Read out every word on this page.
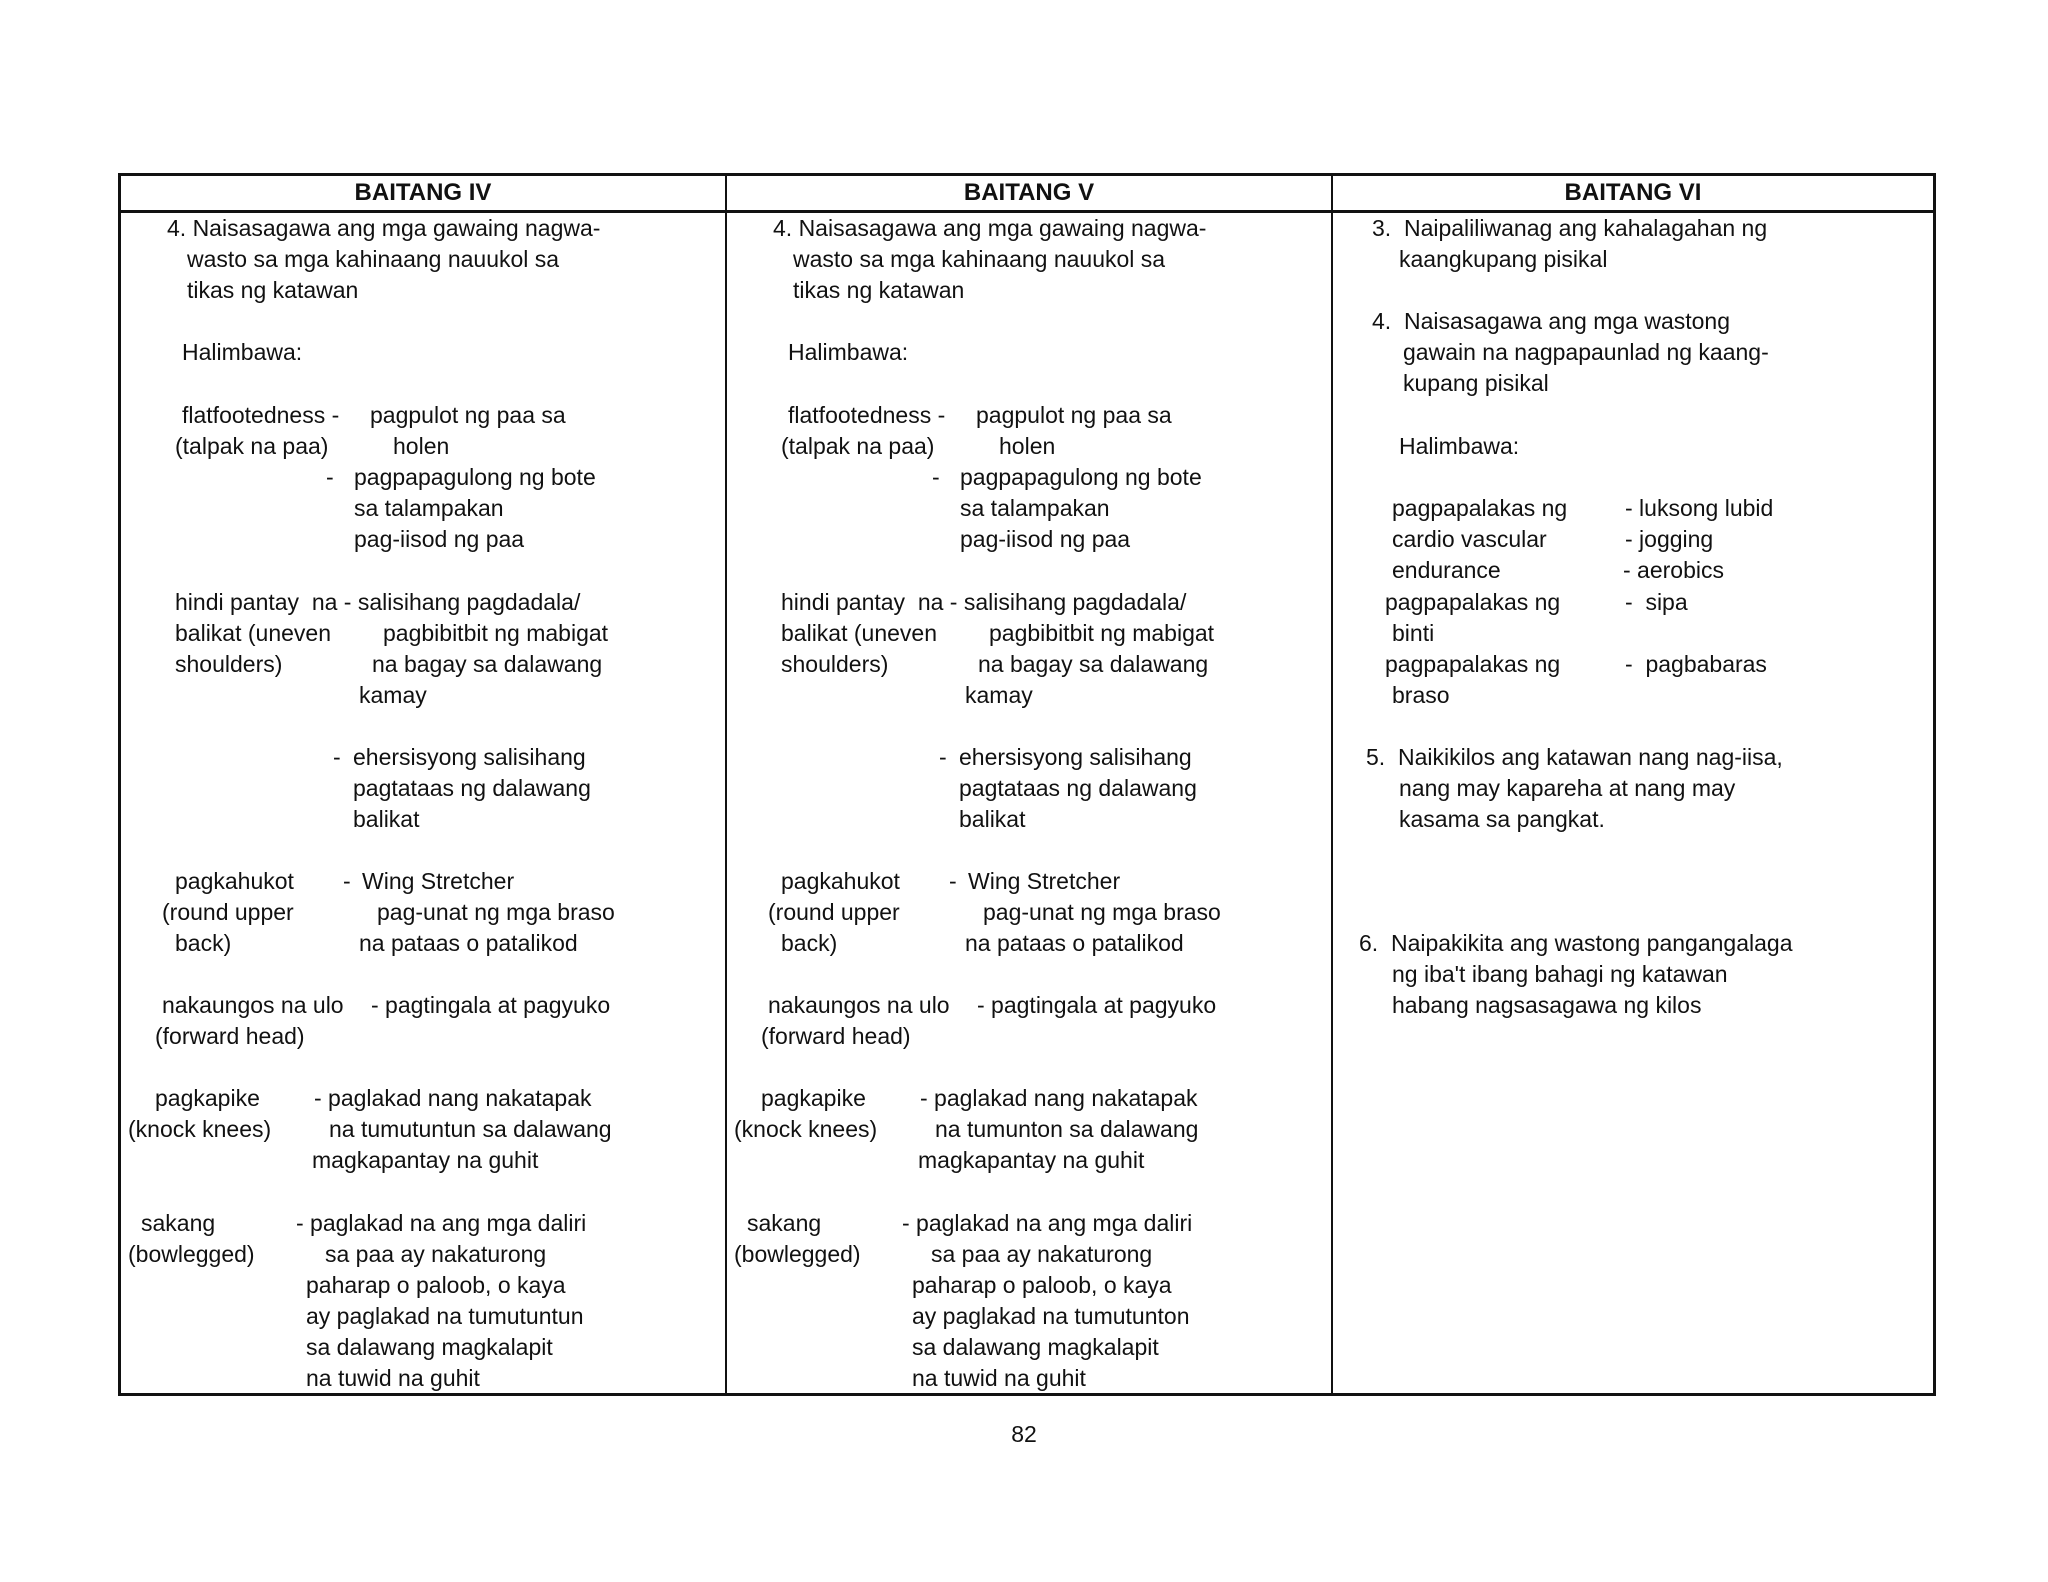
BAITANG IV	BAITANG V	BAITANG VI
4. Naisasagawa ang mga gawaing nagwa-
wasto sa mga kahinaang nauukol sa
tikas ng katawan
Halimbawa:
flatfootedness -
(talpak na paa)
pagpulot ng paa sa
holen
- pagpapagulong ng bote
sa talampakan
pag-iisod ng paa
hindi pantay  na - salisihang pagdadala/
balikat (uneven
shoulders)
pagbibitbit ng mabigat
na bagay sa dalawang
kamay
- ehersisyong salisihang
pagtataas ng dalawang
balikat
pagkahukot
(round upper
back)
- Wing Stretcher
pag-unat ng mga braso
na pataas o patalikod
nakaungos na ulo
(forward head)
- pagtingala at pagyuko
pagkapike
(knock knees)
- paglakad nang nakatapak
na tumutuntun sa dalawang
magkapantay na guhit
sakang
(bowlegged)
- paglakad na ang mga daliri
sa paa ay nakaturong
paharap o paloob, o kaya
ay paglakad na tumutuntun
sa dalawang magkalapit
na tuwid na guhit
4. Naisasagawa ang mga gawaing nagwa-
wasto sa mga kahinaang nauukol sa
tikas ng katawan
Halimbawa:
flatfootedness -
(talpak na paa)
pagpulot ng paa sa
holen
- pagpapagulong ng bote
sa talampakan
pag-iisod ng paa
hindi pantay  na - salisihang pagdadala/
balikat (uneven
shoulders)
pagbibitbit ng mabigat
na bagay sa dalawang
kamay
- ehersisyong salisihang
pagtataas ng dalawang
balikat
pagkahukot
(round upper
back)
- Wing Stretcher
pag-unat ng mga braso
na pataas o patalikod
nakaungos na ulo
(forward head)
- pagtingala at pagyuko
pagkapike
(knock knees)
- paglakad nang nakatapak
na tumunton sa dalawang
magkapantay na guhit
sakang
(bowlegged)
- paglakad na ang mga daliri
sa paa ay nakaturong
paharap o paloob, o kaya
ay paglakad na tumutunton
sa dalawang magkalapit
na tuwid na guhit
3.  Naipaliliwanag ang kahalagahan ng
kaangkupang pisikal
4.  Naisasagawa ang mga wastong
gawain na nagpapaunlad ng kaang-
kupang pisikal
Halimbawa:
pagpapalakas ng
cardio vascular
endurance
- luksong lubid
- jogging
- aerobics
pagpapalakas ng
binti
-  sipa
pagpapalakas ng
braso
-  pagbabaras
5.  Naikikilos ang katawan nang nag-iisa,
nang may kapareha at nang may
kasama sa pangkat.
6.  Naipakikita ang wastong pangangalaga
ng iba't ibang bahagi ng katawan
habang nagsasagawa ng kilos
82
